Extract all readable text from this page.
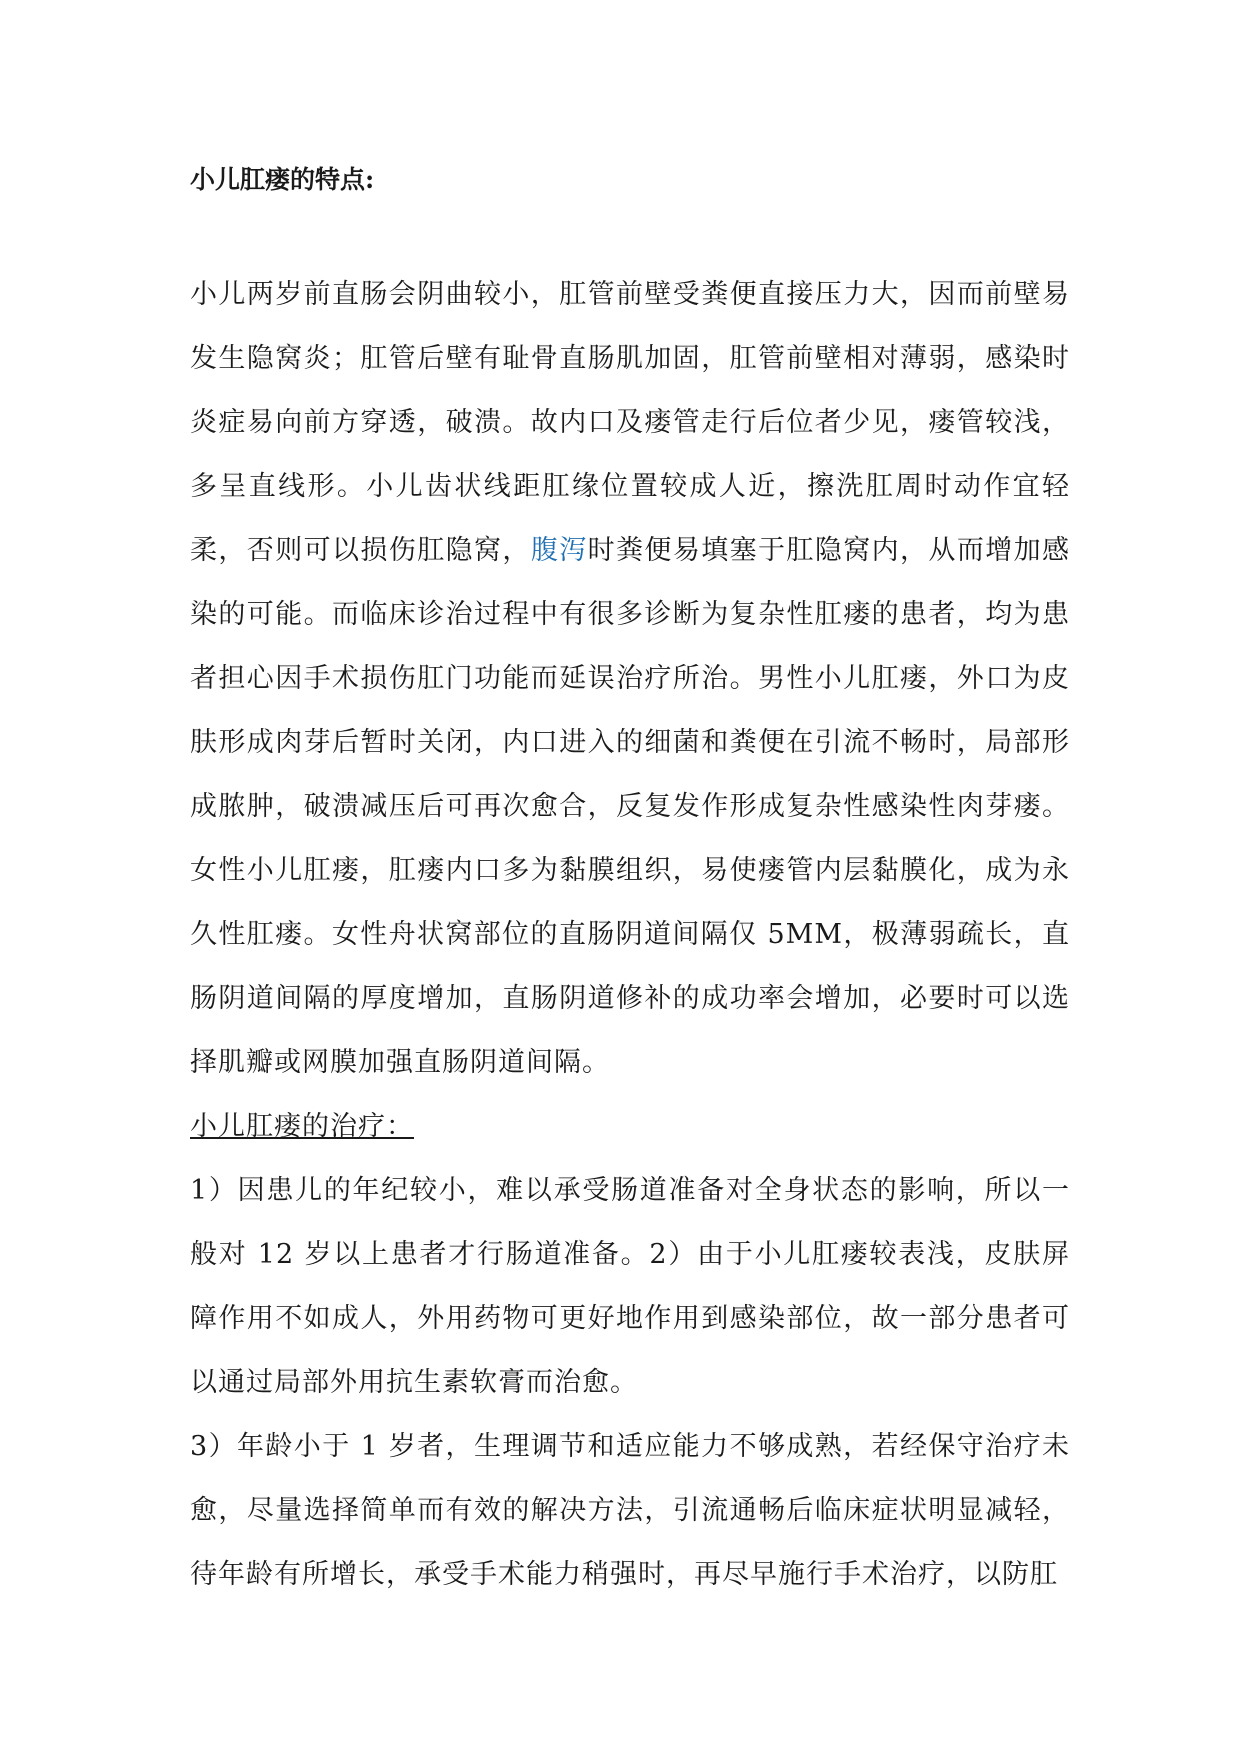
小儿肛瘘的特点:

小儿两岁前直肠会阴曲较小，肛管前壁受粪便直接压力大，因而前壁易发生隐窝炎；肛管后壁有耻骨直肠肌加固，肛管前壁相对薄弱，感染时炎症易向前方穿透，破溃。故内口及瘘管走行后位者少见，瘘管较浅，多呈直线形。小儿齿状线距肛缘位置较成人近，擦洗肛周时动作宜轻柔，否则可以损伤肛隐窝，腹泻时粪便易填塞于肛隐窝内，从而增加感染的可能。而临床诊治过程中有很多诊断为复杂性肛瘘的患者，均为患者担心因手术损伤肛门功能而延误治疗所治。男性小儿肛瘘，外口为皮肤形成肉芽后暂时关闭，内口进入的细菌和粪便在引流不畅时，局部形成脓肿，破溃减压后可再次愈合，反复发作形成复杂性感染性肉芽瘘。女性小儿肛瘘，肛瘘内口多为黏膜组织，易使瘘管内层黏膜化，成为永久性肛瘘。女性舟状窝部位的直肠阴道间隔仅 5MM，极薄弱疏长，直肠阴道间隔的厚度增加，直肠阴道修补的成功率会增加，必要时可以选择肌瓣或网膜加强直肠阴道间隔。

小儿肛瘘的治疗：

1）因患儿的年纪较小，难以承受肠道准备对全身状态的影响，所以一般对 12 岁以上患者才行肠道准备。2）由于小儿肛瘘较表浅，皮肤屏障作用不如成人，外用药物可更好地作用到感染部位，故一部分患者可以通过局部外用抗生素软膏而治愈。

3）年龄小于 1 岁者，生理调节和适应能力不够成熟，若经保守治疗未愈，尽量选择简单而有效的解决方法，引流通畅后临床症状明显减轻，待年龄有所增长，承受手术能力稍强时，再尽早施行手术治疗，以防肛
